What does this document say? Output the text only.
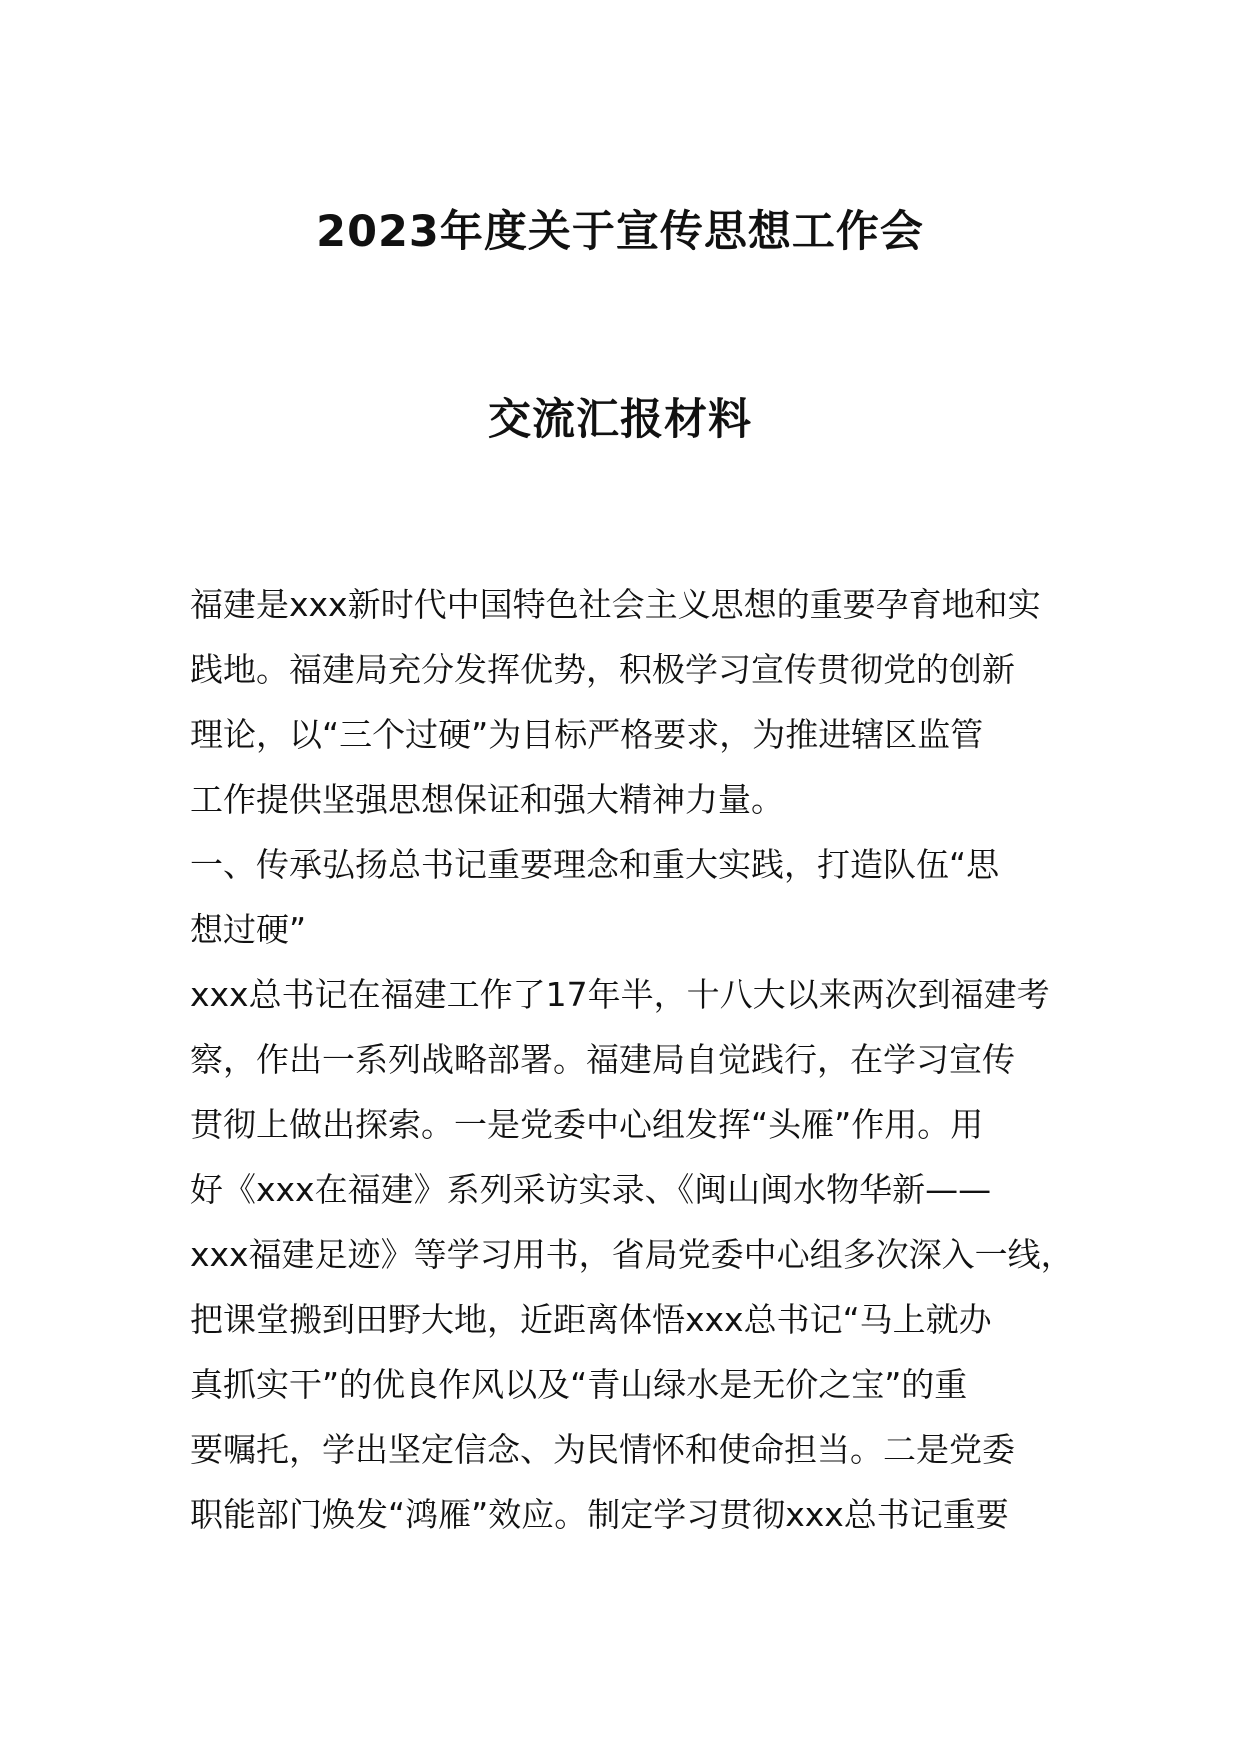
2023年度关于宣传思想工作会
交流汇报材料
福建是xxx新时代中国特色社会主义思想的重要孕育地和实
践地。福建局充分发挥优势，积极学习宣传贯彻党的创新
理论，以“三个过硬”为目标严格要求，为推进辖区监管
工作提供坚强思想保证和强大精神力量。
一、传承弘扬总书记重要理念和重大实践，打造队伍“思
想过硬”
xxx总书记在福建工作了17年半，十八大以来两次到福建考
察，作出一系列战略部署。福建局自觉践行，在学习宣传
贯彻上做出探索。一是党委中心组发挥“头雁”作用。用
好《xxx在福建》系列采访实录、《闽山闽水物华新——
xxx福建足迹》等学习用书，省局党委中心组多次深入一线，
把课堂搬到田野大地，近距离体悟xxx总书记“马上就办
真抓实干”的优良作风以及“青山绿水是无价之宝”的重
要嘱托，学出坚定信念、为民情怀和使命担当。二是党委
职能部门焕发“鸿雁”效应。制定学习贯彻xxx总书记重要
